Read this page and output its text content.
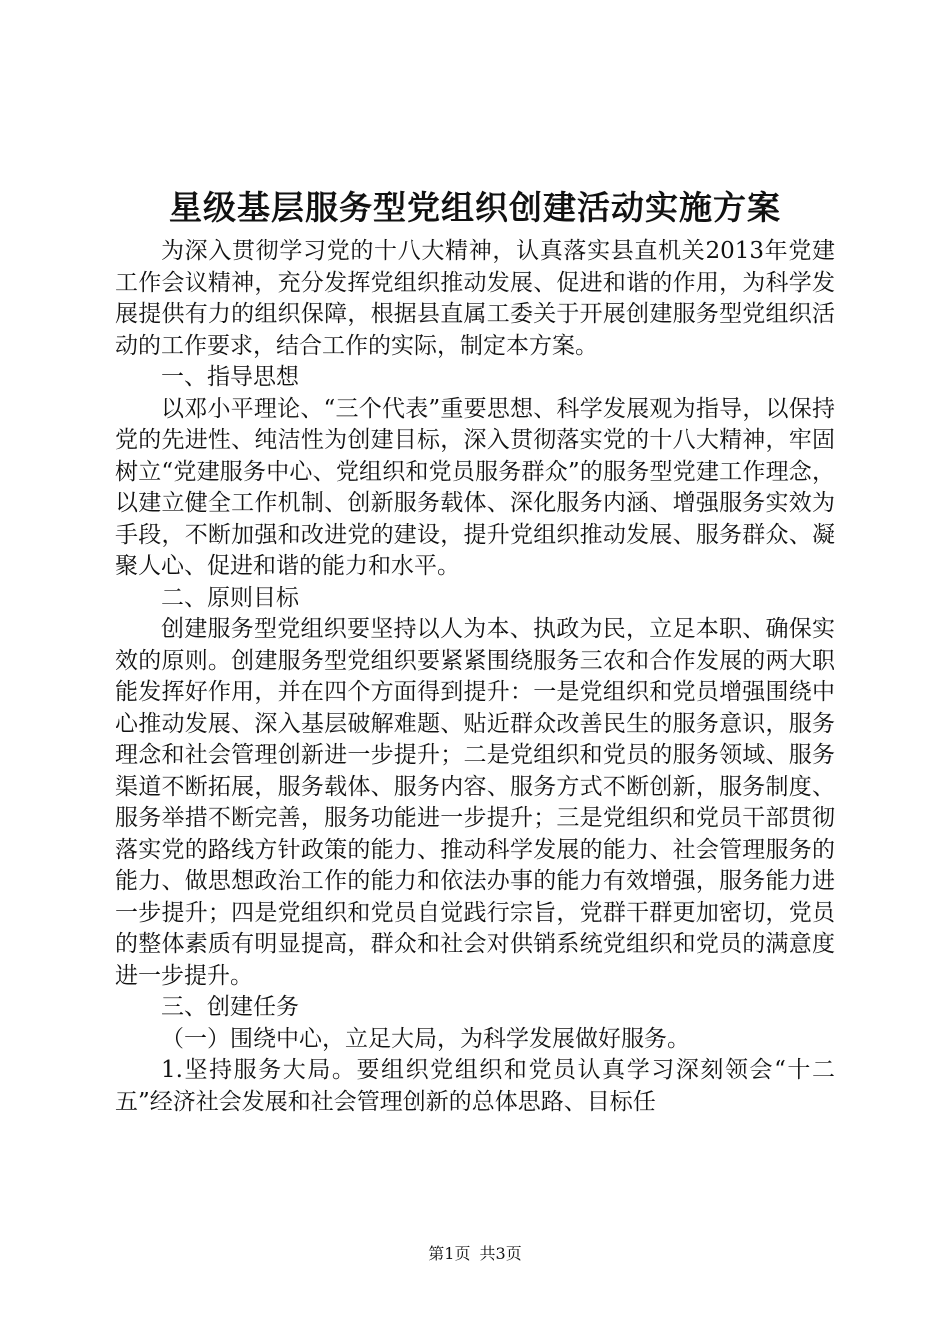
星级基层服务型党组织创建活动实施方案

为深入贯彻学习党的十八大精神，认真落实县直机关2013年党建工作会议精神，充分发挥党组织推动发展、促进和谐的作用，为科学发展提供有力的组织保障，根据县直属工委关于开展创建服务型党组织活动的工作要求，结合工作的实际，制定本方案。

一、指导思想

以邓小平理论、“三个代表”重要思想、科学发展观为指导，以保持党的先进性、纯洁性为创建目标，深入贯彻落实党的十八大精神，牢固树立“党建服务中心、党组织和党员服务群众”的服务型党建工作理念，以建立健全工作机制、创新服务载体、深化服务内涵、增强服务实效为手段，不断加强和改进党的建设，提升党组织推动发展、服务群众、凝聚人心、促进和谐的能力和水平。

二、原则目标

创建服务型党组织要坚持以人为本、执政为民，立足本职、确保实效的原则。创建服务型党组织要紧紧围绕服务三农和合作发展的两大职能发挥好作用，并在四个方面得到提升：一是党组织和党员增强围绕中心推动发展、深入基层破解难题、贴近群众改善民生的服务意识，服务理念和社会管理创新进一步提升；二是党组织和党员的服务领域、服务渠道不断拓展，服务载体、服务内容、服务方式不断创新，服务制度、服务举措不断完善，服务功能进一步提升；三是党组织和党员干部贯彻落实党的路线方针政策的能力、推动科学发展的能力、社会管理服务的能力、做思想政治工作的能力和依法办事的能力有效增强，服务能力进一步提升；四是党组织和党员自觉践行宗旨，党群干群更加密切，党员的整体素质有明显提高，群众和社会对供销系统党组织和党员的满意度进一步提升。

三、创建任务

（一）围绕中心，立足大局，为科学发展做好服务。

1.坚持服务大局。要组织党组织和党员认真学习深刻领会“十二五”经济社会发展和社会管理创新的总体思路、目标任

第1页 共3页
